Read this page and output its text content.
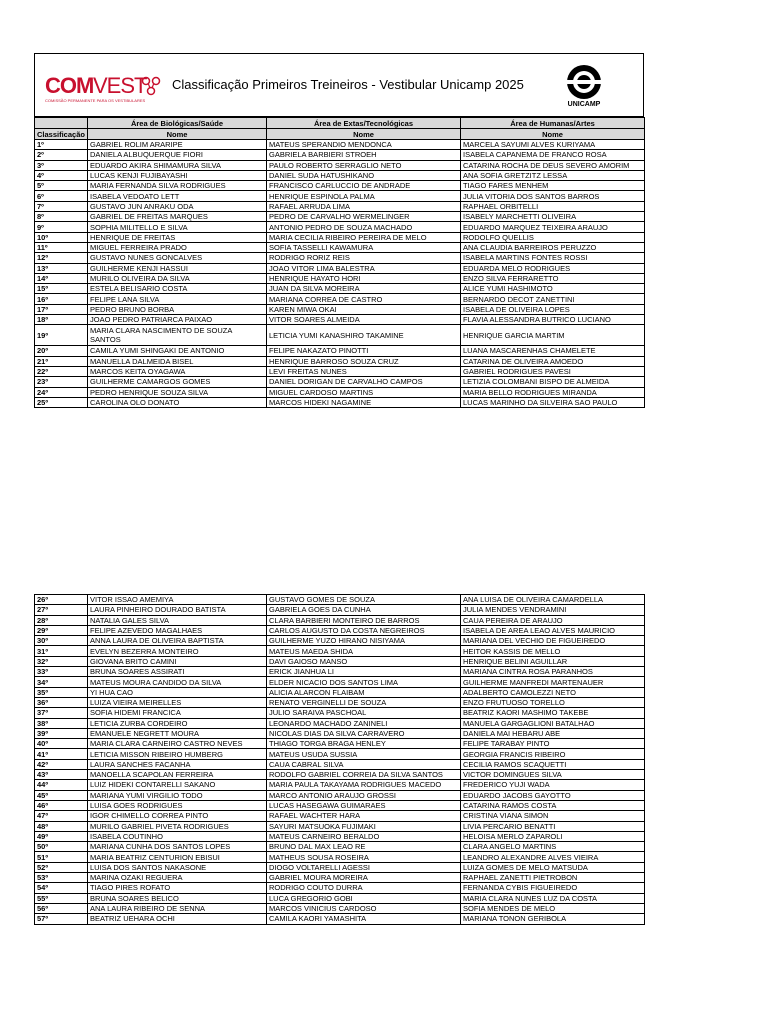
COM VEST
COMISSÃO PERMANENTE PARA OS VESTIBULARES
Classificação Primeiros Treineiros - Vestibular Unicamp 2025
UNICAMP
	Área de Biológicas/Saúde	Área de Extas/Tecnológicas	Área de Humanas/Artes
Classificação	Nome	Nome	Nome
1º	GABRIEL ROLIM ARARIPE	MATEUS SPERANDIO MENDONCA	MARCELA SAYUMI ALVES KURIYAMA
2º	DANIELA ALBUQUERQUE FIORI	GABRIELA BARBIERI STROEH	ISABELA CAPANEMA DE FRANCO ROSA
3º	EDUARDO AKIRA SHIMAMURA SILVA	PAULO ROBERTO SERRAGLIO NETO	CATARINA ROCHA DE DEUS SEVERO AMORIM
4º	LUCAS KENJI FUJIBAYASHI	DANIEL SUDA HATUSHIKANO	ANA SOFIA GRETZITZ LESSA
5º	MARIA FERNANDA SILVA RODRIGUES	FRANCISCO CARLUCCIO DE ANDRADE	TIAGO FARES MENHEM
6º	ISABELA VEDOATO LETT	HENRIQUE ESPINOLA PALMA	JULIA VITORIA DOS SANTOS BARROS
7º	GUSTAVO JUN ANRAKU ODA	RAFAEL ARRUDA LIMA	RAPHAEL ORBITELLI
8º	GABRIEL DE FREITAS MARQUES	PEDRO DE CARVALHO WERMELINGER	ISABELY MARCHETTI OLIVEIRA
9º	SOPHIA MILITELLO E SILVA	ANTONIO PEDRO DE SOUZA MACHADO	EDUARDO MARQUEZ TEIXEIRA ARAUJO
10º	HENRIQUE DE FREITAS	MARIA CECILIA RIBEIRO PEREIRA DE MELO	RODOLFO QUELLIS
11º	MIGUEL FERREIRA PRADO	SOFIA TASSELLI KAWAMURA	ANA CLAUDIA BARREIROS PERUZZO
12º	GUSTAVO NUNES GONCALVES	RODRIGO RORIZ REIS	ISABELA MARTINS FONTES ROSSI
13º	GUILHERME KENJI HASSUI	JOAO VITOR LIMA BALESTRA	EDUARDA MELO RODRIGUES
14º	MURILO OLIVEIRA DA SILVA	HENRIQUE HAYATO HORI	ENZO SILVA FERRARETTO
15º	ESTELA BELISARIO COSTA	JUAN DA SILVA MOREIRA	ALICE YUMI HASHIMOTO
16º	FELIPE LANA SILVA	MARIANA CORREA DE CASTRO	BERNARDO DECOT ZANETTINI
17º	PEDRO BRUNO BORBA	KAREN MIWA OKAI	ISABELA DE OLIVEIRA LOPES
18º	JOAO PEDRO PATRIARCA PAIXAO	VITOR SOARES ALMEIDA	FLAVIA ALESSANDRA BUTRICO LUCIANO
19º	MARIA CLARA NASCIMENTO DE SOUZA SANTOS	LETICIA YUMI KANASHIRO TAKAMINE	HENRIQUE GARCIA MARTIM
20º	CAMILA YUMI SHINGAKI DE ANTONIO	FELIPE NAKAZATO PINOTTI	LUANA MASCARENHAS CHAMELETE
21º	MANUELLA DALMEIDA BISEL	HENRIQUE BARROSO SOUZA CRUZ	CATARINA DE OLIVEIRA AMOEDO
22º	MARCOS KEITA OYAGAWA	LEVI FREITAS NUNES	GABRIEL RODRIGUES PAVESI
23º	GUILHERME CAMARGOS GOMES	DANIEL DORIGAN DE CARVALHO CAMPOS	LETIZIA COLOMBANI BISPO DE ALMEIDA
24º	PEDRO HENRIQUE SOUZA SILVA	MIGUEL CARDOSO MARTINS	MARIA BELLO RODRIGUES MIRANDA
25º	CAROLINA OLO DONATO	MARCOS HIDEKI NAGAMINE	LUCAS MARINHO DA SILVEIRA SAO PAULO
26º	VITOR ISSAO AMEMIYA	GUSTAVO GOMES DE SOUZA	ANA LUISA DE OLIVEIRA CAMARDELLA
27º	LAURA PINHEIRO DOURADO BATISTA	GABRIELA GOES DA CUNHA	JULIA MENDES VENDRAMINI
28º	NATALIA GALES SILVA	CLARA BARBIERI MONTEIRO DE BARROS	CAUA PEREIRA DE ARAUJO
29º	FELIPE AZEVEDO MAGALHAES	CARLOS AUGUSTO DA COSTA NEGREIROS	ISABELA DE AREA LEAO ALVES MAURICIO
30º	ANNA LAURA DE OLIVEIRA BAPTISTA	GUILHERME YUZO HIRANO NISIYAMA	MARIANA DEL VECHIO DE FIGUEIREDO
31º	EVELYN BEZERRA MONTEIRO	MATEUS MAEDA SHIDA	HEITOR KASSIS DE MELLO
32º	GIOVANA BRITO CAMINI	DAVI GAIOSO MANSO	HENRIQUE BELINI AGUILLAR
33º	BRUNA SOARES ASSIRATI	ERICK JIANHUA LI	MARIANA CINTRA ROSA PARANHOS
34º	MATEUS MOURA CANDIDO DA SILVA	ELDER NICACIO DOS SANTOS LIMA	GUILHERME MANFREDI MARTENAUER
35º	YI HUA CAO	ALICIA ALARCON FLAIBAM	ADALBERTO CAMOLEZZI NETO
36º	LUIZA VIEIRA MEIRELLES	RENATO VERGINELLI DE SOUZA	ENZO FRUTUOSO TORELLO
37º	SOFIA HIDEMI FRANCICA	JULIO SARAIVA PASCHOAL	BEATRIZ KAORI MASHIMO TAKEBE
38º	LETICIA ZURBA CORDEIRO	LEONARDO MACHADO ZANINELI	MANUELA GARGAGLIONI BATALHAO
39º	EMANUELE NEGRETT MOURA	NICOLAS DIAS DA SILVA CARRAVERO	DANIELA MAI HEBARU ABE
40º	MARIA CLARA CARNEIRO CASTRO NEVES	THIAGO TORGA BRAGA HENLEY	FELIPE TARABAY PINTO
41º	LETICIA MISSON RIBEIRO HUMBERG	MATEUS USUDA SUSSIA	GEORGIA FRANCIS RIBEIRO
42º	LAURA SANCHES FACANHA	CAUA CABRAL SILVA	CECILIA RAMOS SCAQUETTI
43º	MANOELLA SCAPOLAN FERREIRA	RODOLFO GABRIEL CORREIA DA SILVA SANTOS	VICTOR DOMINGUES SILVA
44º	LUIZ HIDEKI CONTARELLI SAKANO	MARIA PAULA TAKAYAMA RODRIGUES MACEDO	FREDERICO YUJI WADA
45º	MARIANA YUMI VIRGILIO TODO	MARCO ANTONIO ARAUJO GROSSI	EDUARDO JACOBS GAYOTTO
46º	LUISA GOES RODRIGUES	LUCAS HASEGAWA GUIMARAES	CATARINA RAMOS COSTA
47º	IGOR CHIMELLO CORREA PINTO	RAFAEL WACHTER HARA	CRISTINA VIANA SIMON
48º	MURILO GABRIEL PIVETA RODRIGUES	SAYURI MATSUOKA FUJIMAKI	LIVIA PERCARIO BENATTI
49º	ISABELA COUTINHO	MATEUS CARNEIRO BERALDO	HELOISA MERLO ZAPAROLI
50º	MARIANA CUNHA DOS SANTOS LOPES	BRUNO DAL MAX LEAO RE	CLARA ANGELO MARTINS
51º	MARIA BEATRIZ CENTURION EBISUI	MATHEUS SOUSA ROSEIRA	LEANDRO ALEXANDRE ALVES VIEIRA
52º	LUISA DOS SANTOS NAKASONE	DIOGO VOLTARELLI AGESSI	LUIZA GOMES DE MELO MATSUDA
53º	MARINA OZAKI REGUERA	GABRIEL MOURA MOREIRA	RAPHAEL ZANETTI PIETROBON
54º	TIAGO PIRES ROFATO	RODRIGO COUTO DURRA	FERNANDA CYBIS FIGUEIREDO
55º	BRUNA SOARES BELICO	LUCA GREGORIO GOBI	MARIA CLARA NUNES LUZ DA COSTA
56º	ANA LAURA RIBEIRO DE SENNA	MARCOS VINICIUS CARDOSO	SOFIA MENDES DE MELO
57º	BEATRIZ UEHARA OCHI	CAMILA KAORI YAMASHITA	MARIANA TONON GERIBOLA
